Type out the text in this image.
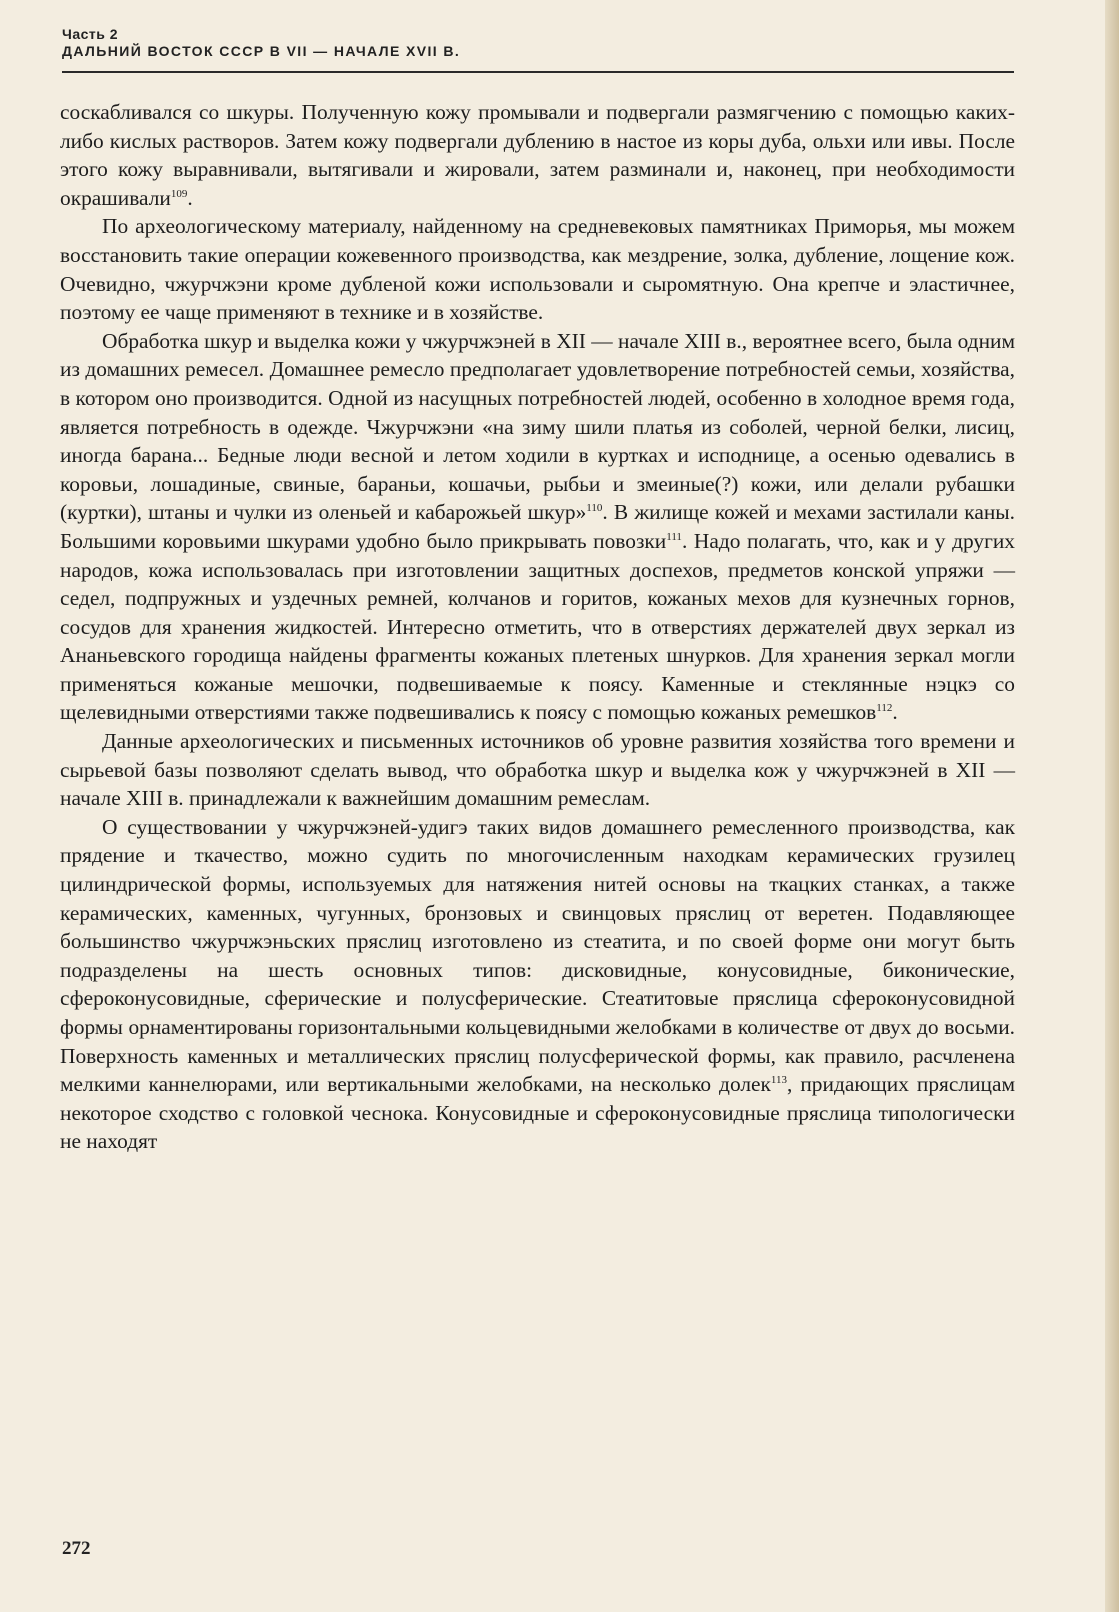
Часть 2
ДАЛЬНИЙ ВОСТОК СССР В VII — НАЧАЛЕ XVII В.

соскабливался со шкуры. Полученную кожу промывали и подвергали размягчению с помощью каких-либо кислых растворов. Затем кожу подвергали дублению в настое из коры дуба, ольхи или ивы. После этого кожу выравнивали, вытягивали и жировали, затем разминали и, наконец, при необходимости окрашивали$^{109}$.

По археологическому материалу, найденному на средневековых памятниках Приморья, мы можем восстановить такие операции кожевенного производства, как мездрение, золка, дубление, лощение кож. Очевидно, чжурчжэни кроме дубленой кожи использовали и сыромятную. Она крепче и эластичнее, поэтому ее чаще применяют в технике и в хозяйстве.

Обработка шкур и выделка кожи у чжурчжэней в XII — начале XIII в., вероятнее всего, была одним из домашних ремесел. Домашнее ремесло предполагает удовлетворение потребностей семьи, хозяйства, в котором оно производится. Одной из насущных потребностей людей, особенно в холодное время года, является потребность в одежде. Чжурчжэни «на зиму шили платья из соболей, черной белки, лисиц, иногда барана... Бедные люди весной и летом ходили в куртках и исподнице, а осенью одевались в коровьи, лошадиные, свиные, бараньи, кошачьи, рыбьи и змеиные(?) кожи, или делали рубашки (куртки), штаны и чулки из оленьей и кабарожьей шкур»$^{110}$. В жилище кожей и мехами застилали каны. Большими коровьими шкурами удобно было прикрывать повозки$^{111}$. Надо полагать, что, как и у других народов, кожа использовалась при изготовлении защитных доспехов, предметов конской упряжи — седел, подпружных и уздечных ремней, колчанов и горитов, кожаных мехов для кузнечных горнов, сосудов для хранения жидкостей. Интересно отметить, что в отверстиях держателей двух зеркал из Ананьевского городища найдены фрагменты кожаных плетеных шнурков. Для хранения зеркал могли применяться кожаные мешочки, подвешиваемые к поясу. Каменные и стеклянные нэцкэ со щелевидными отверстиями также подвешивались к поясу с помощью кожаных ремешков$^{112}$.

Данные археологических и письменных источников об уровне развития хозяйства того времени и сырьевой базы позволяют сделать вывод, что обработка шкур и выделка кож у чжурчжэней в XII — начале XIII в. принадлежали к важнейшим домашним ремеслам.

О существовании у чжурчжэней-удигэ таких видов домашнего ремесленного производства, как прядение и ткачество, можно судить по многочисленным находкам керамических грузилец цилиндрической формы, используемых для натяжения нитей основы на ткацких станках, а также керамических, каменных, чугунных, бронзовых и свинцовых пряслиц от веретен. Подавляющее большинство чжурчжэньских пряслиц изготовлено из стеатита, и по своей форме они могут быть подразделены на шесть основных типов: дисковидные, конусовидные, биконические, сфероконусовидные, сферические и полусферические. Стеатитовые пряслица сфероконусовидной формы орнаментированы горизонтальными кольцевидными желобками в количестве от двух до восьми. Поверхность каменных и металлических пряслиц полусферической формы, как правило, расчленена мелкими каннелюрами, или вертикальными желобками, на несколько долек$^{113}$, придающих пряслицам некоторое сходство с головкой чеснока. Конусовидные и сфероконусовидные пряслица типологически не находят

272
